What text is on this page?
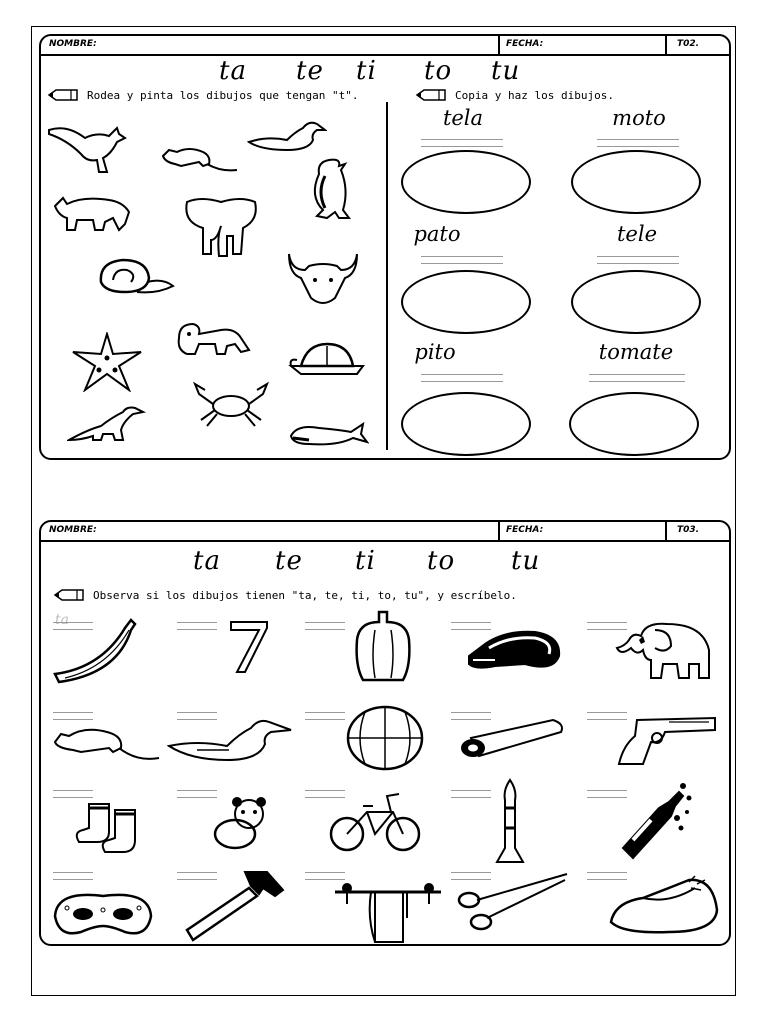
NOMBRE:	FECHA:	T02.
ta te ti to tu
Rodea y pinta los dibujos que tengan "t".	Copia y haz los dibujos.
tela	moto
pato	tele
pito	tomate
NOMBRE:	FECHA:	T03.
ta te ti to tu
Observa si los dibujos tienen "ta, te, ti, to, tu", y escríbelo.
ta
